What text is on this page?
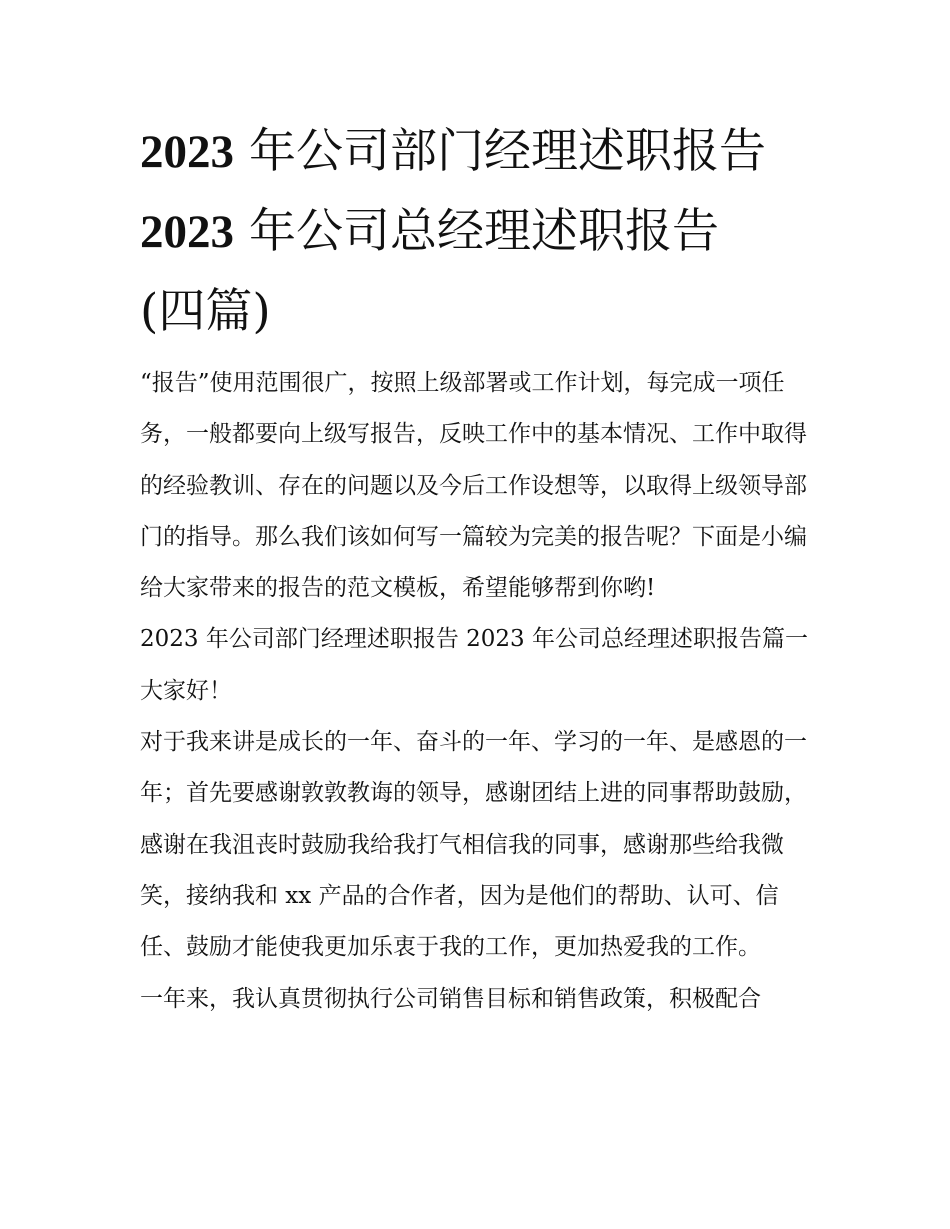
2023 年公司部门经理述职报告
2023 年公司总经理述职报告
(四篇)

“报告”使用范围很广，按照上级部署或工作计划，每完成一项任务，一般都要向上级写报告，反映工作中的基本情况、工作中取得的经验教训、存在的问题以及今后工作设想等，以取得上级领导部门的指导。那么我们该如何写一篇较为完美的报告呢？下面是小编给大家带来的报告的范文模板，希望能够帮到你哟!

2023 年公司部门经理述职报告 2023 年公司总经理述职报告篇一 大家好！

对于我来讲是成长的一年、奋斗的一年、学习的一年、是感恩的一年；首先要感谢敦敦教诲的领导，感谢团结上进的同事帮助鼓励，感谢在我沮丧时鼓励我给我打气相信我的同事，感谢那些给我微笑，接纳我和 xx 产品的合作者，因为是他们的帮助、认可、信任、鼓励才能使我更加乐衷于我的工作，更加热爱我的工作。

一年来，我认真贯彻执行公司销售目标和销售政策，积极配合
